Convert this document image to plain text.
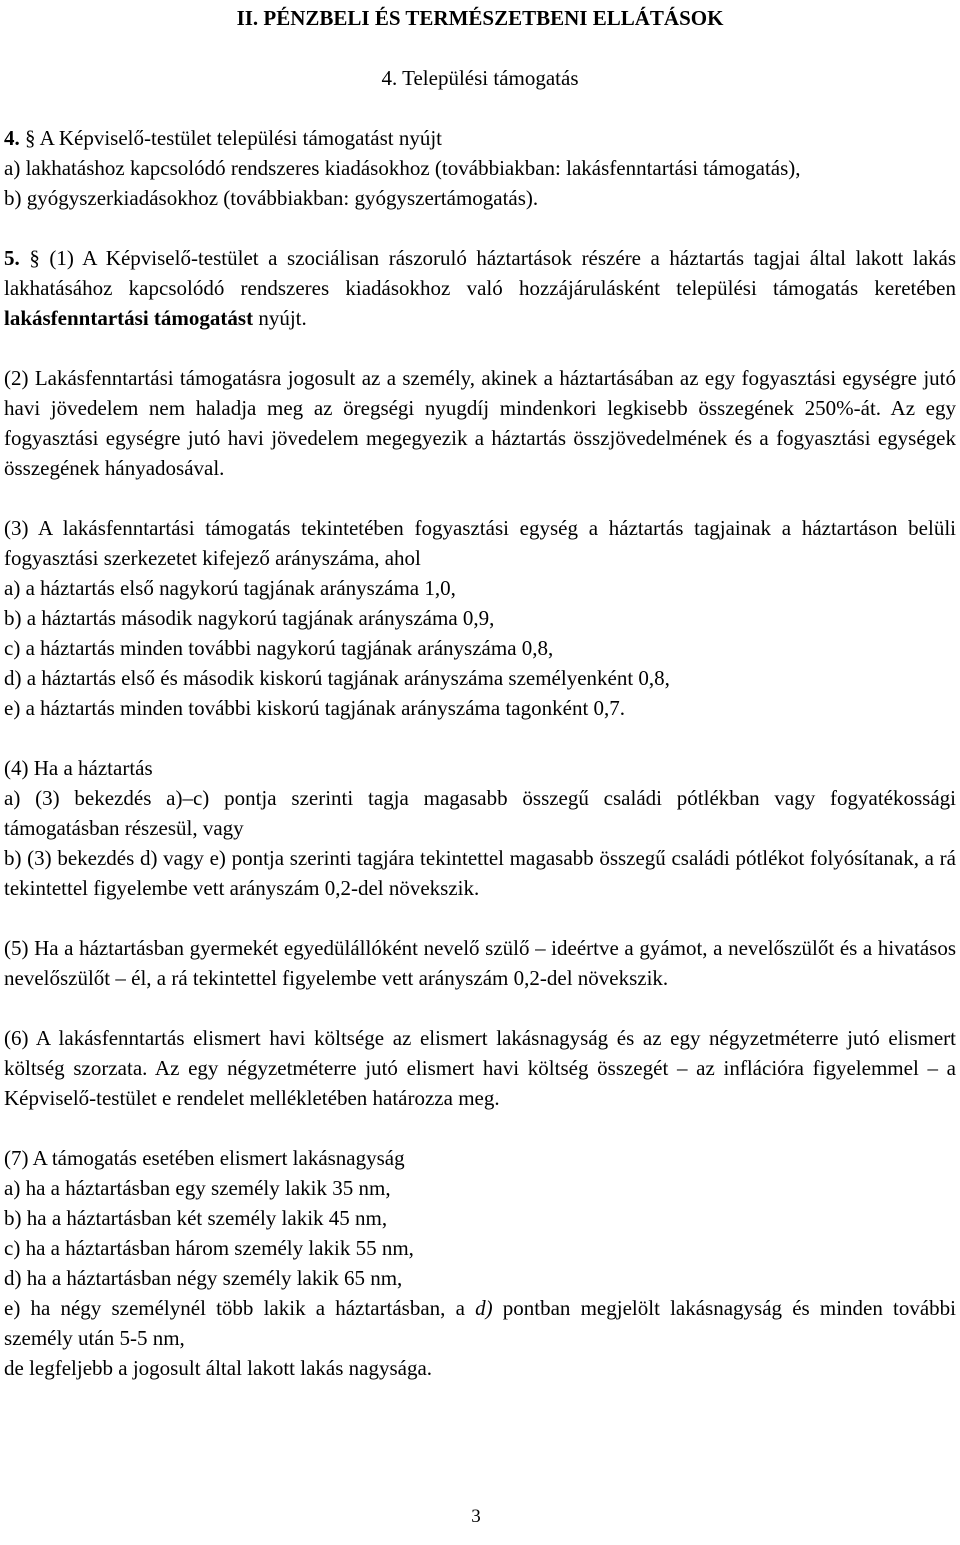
II. PÉNZBELI ÉS TERMÉSZETBENI ELLÁTÁSOK
4. Települési támogatás

4. § A Képviselő-testület települési támogatást nyújt

a) lakhatáshoz kapcsolódó rendszeres kiadásokhoz (továbbiakban: lakásfenntartási támogatás),

b) gyógyszerkiadásokhoz (továbbiakban: gyógyszertámogatás).

5. § (1) A Képviselő-testület a szociálisan rászoruló háztartások részére a háztartás tagjai által lakott lakás lakhatásához kapcsolódó rendszeres kiadásokhoz való hozzájárulásként települési támogatás keretében lakásfenntartási támogatást nyújt.

(2) Lakásfenntartási támogatásra jogosult az a személy, akinek a háztartásában az egy fogyasztási egységre jutó havi jövedelem nem haladja meg az öregségi nyugdíj mindenkori legkisebb összegének 250%-át. Az egy fogyasztási egységre jutó havi jövedelem megegyezik a háztartás összjövedelmének és a fogyasztási egységek összegének hányadosával.

(3) A lakásfenntartási támogatás tekintetében fogyasztási egység a háztartás tagjainak a háztartáson belüli fogyasztási szerkezetet kifejező arányszáma, ahol

a) a háztartás első nagykorú tagjának arányszáma 1,0,

b) a háztartás második nagykorú tagjának arányszáma 0,9,

c) a háztartás minden további nagykorú tagjának arányszáma 0,8,

d) a háztartás első és második kiskorú tagjának arányszáma személyenként 0,8,

e) a háztartás minden további kiskorú tagjának arányszáma tagonként 0,7.

(4) Ha a háztartás

a) (3) bekezdés a)–c) pontja szerinti tagja magasabb összegű családi pótlékban vagy fogyatékossági támogatásban részesül, vagy

b) (3) bekezdés d) vagy e) pontja szerinti tagjára tekintettel magasabb összegű családi pótlékot folyósítanak, a rá tekintettel figyelembe vett arányszám 0,2-del növekszik.

(5) Ha a háztartásban gyermekét egyedülállóként nevelő szülő – ideértve a gyámot, a nevelőszülőt és a hivatásos nevelőszülőt – él, a rá tekintettel figyelembe vett arányszám 0,2-del növekszik.

(6) A lakásfenntartás elismert havi költsége az elismert lakásnagyság és az egy négyzetméterre jutó elismert költség szorzata. Az egy négyzetméterre jutó elismert havi költség összegét – az inflációra figyelemmel – a Képviselő-testület e rendelet mellékletében határozza meg.

(7) A támogatás esetében elismert lakásnagyság

a) ha a háztartásban egy személy lakik 35 nm,

b) ha a háztartásban két személy lakik 45 nm,

c) ha a háztartásban három személy lakik 55 nm,

d) ha a háztartásban négy személy lakik 65 nm,

e) ha négy személynél több lakik a háztartásban, a d) pontban megjelölt lakásnagyság és minden további személy után 5-5 nm,

de legfeljebb a jogosult által lakott lakás nagysága.

3
